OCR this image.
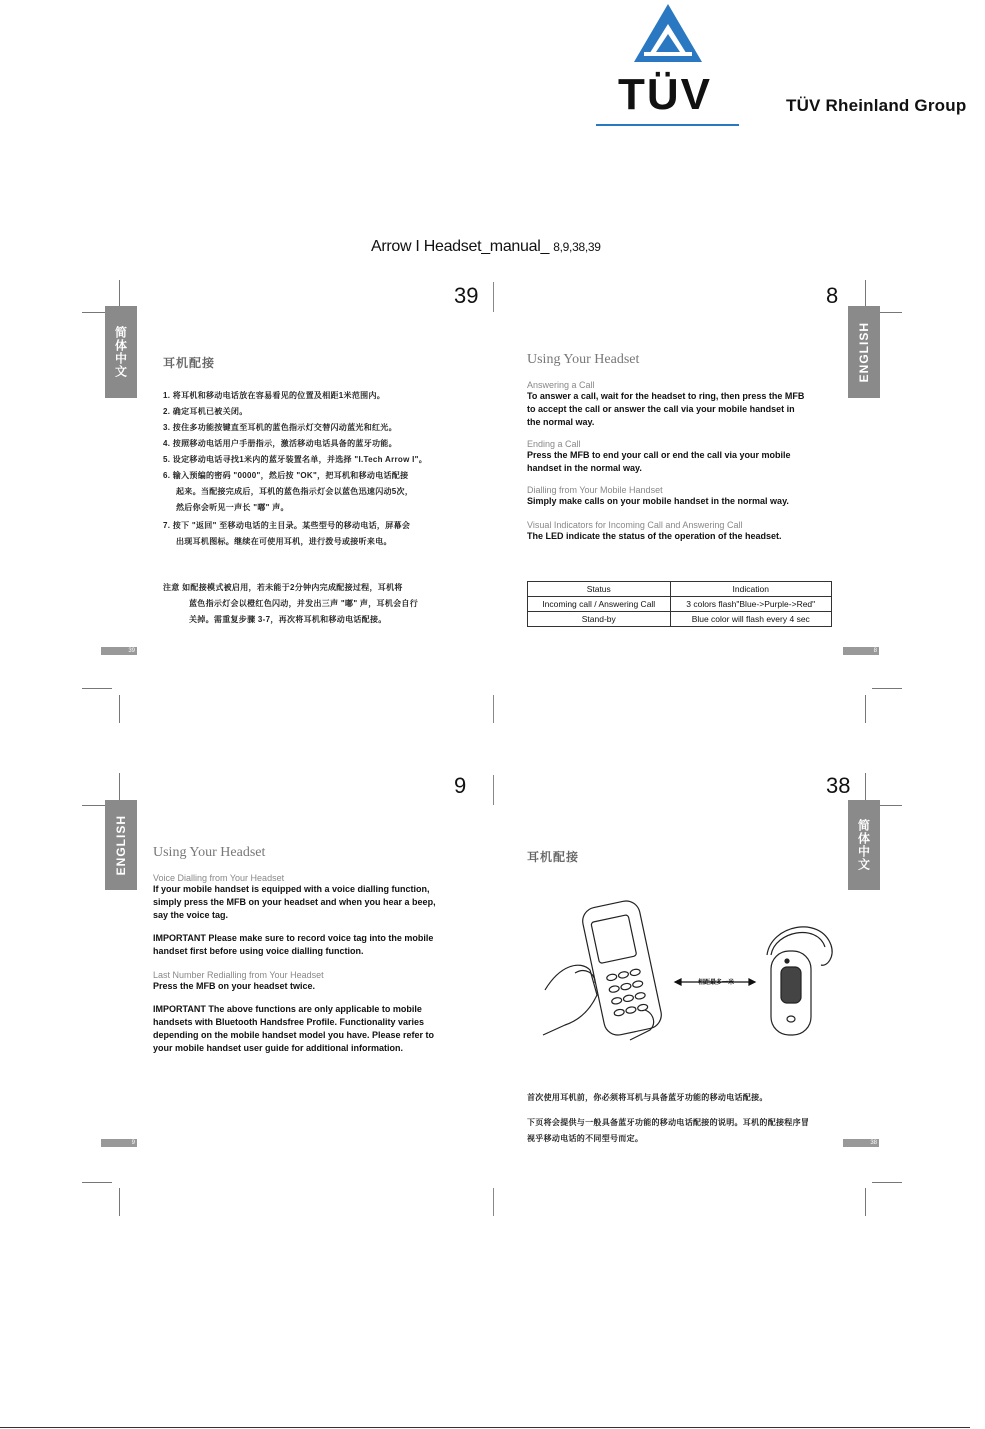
TÜV	TÜV Rheinland Group
Arrow I Headset_manual_ 8,9,38,39
简体中文
39
耳机配接
1. 将耳机和移动电话放在容易看见的位置及相距1米范围内。
2. 确定耳机已被关闭。
3. 按住多功能按键直至耳机的蓝色指示灯交替闪动蓝光和红光。
4. 按照移动电话用户手册指示，激活移动电话具备的蓝牙功能。
5. 设定移动电话寻找1米内的蓝牙装置名单，并选择 "I.Tech Arrow I"。
6. 输入预编的密码 "0000"，然后按 "OK"，把耳机和移动电话配接
起来。当配接完成后，耳机的蓝色指示灯会以蓝色迅速闪动5次，
然后你会听见一声长 "嘟" 声。
7. 按下 "返回" 至移动电话的主目录。某些型号的移动电话，屏幕会
出现耳机图标。继续在可使用耳机，进行拨号或接听来电。
注意 如配接模式被启用，若未能于2分钟内完成配接过程，耳机将
蓝色指示灯会以橙红色闪动，并发出三声 "嘟" 声，耳机会自行
关掉。需重复步骤 3-7，再次将耳机和移动电话配接。
39
ENGLISH
8
Using Your Headset
Answering a Call
To answer a call, wait for the headset to ring, then press the MFB
to accept the call or answer the call via your mobile handset in
the normal way.
Ending a Call
Press the MFB to end your call or end the call via your mobile
handset in the normal way.
Dialling from Your Mobile Handset
Simply make calls on your mobile handset in the normal way.
Visual Indicators for Incoming Call and Answering Call
The LED indicate the status of the operation of the headset.
Status	Indication
Incoming call / Answering Call	3 colors flash"Blue->Purple->Red"
Stand-by	Blue color will flash every 4 sec
8
ENGLISH
9
Using Your Headset
Voice Dialling from Your Headset
If your mobile handset is equipped with a voice dialling function,
simply press the MFB on your headset and when you hear a beep,
say the voice tag.
IMPORTANT Please make sure to record voice tag into the mobile
handset first before using voice dialling function.
Last Number Redialling from Your Headset
Press the MFB on your headset twice.
IMPORTANT The above functions are only applicable to mobile
handsets with Bluetooth Handsfree Profile. Functionality varies
depending on the mobile handset model you have. Please refer to
your mobile handset user guide for additional information.
9
简体中文
38
耳机配接
相距最多一米
首次使用耳机前，你必须将耳机与具备蓝牙功能的移动电话配接。
下页将会提供与一般具备蓝牙功能的移动电话配接的说明。耳机的配接程序冒
视乎移动电话的不同型号而定。	38
